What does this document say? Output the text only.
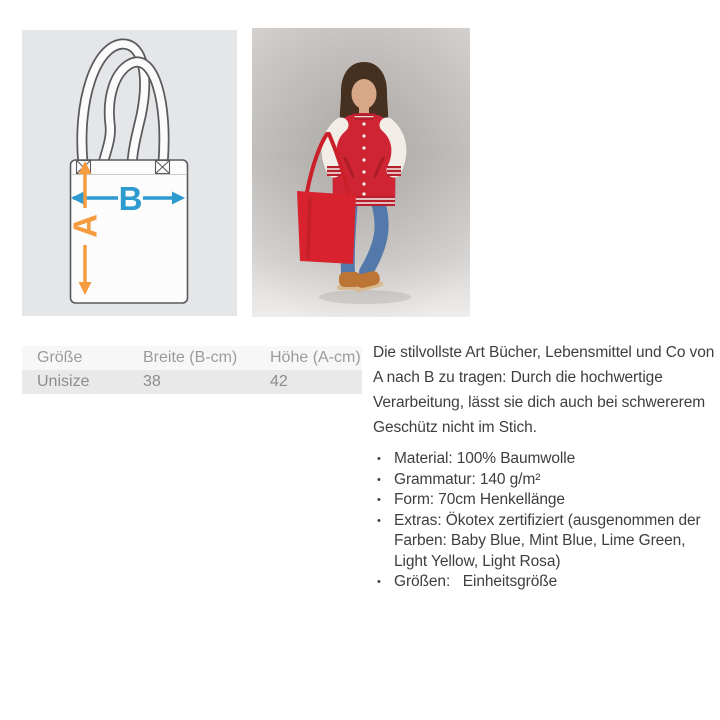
B
A
Größe	Breite (B-cm)	Höhe (A-cm)
Unisize	38	42

Die stilvollste Art Bücher, Lebensmittel und Co von A nach B zu tragen: Durch die hochwertige Verarbeitung, lässt sie dich auch bei schwererem Geschütz nicht im Stich.

• Material: 100% Baumwolle
• Grammatur: 140 g/m²
• Form: 70cm Henkellänge
• Extras: Ökotex zertifiziert (ausgenommen der Farben: Baby Blue, Mint Blue, Lime Green, Light Yellow, Light Rosa)
• Größen:   Einheitsgröße
